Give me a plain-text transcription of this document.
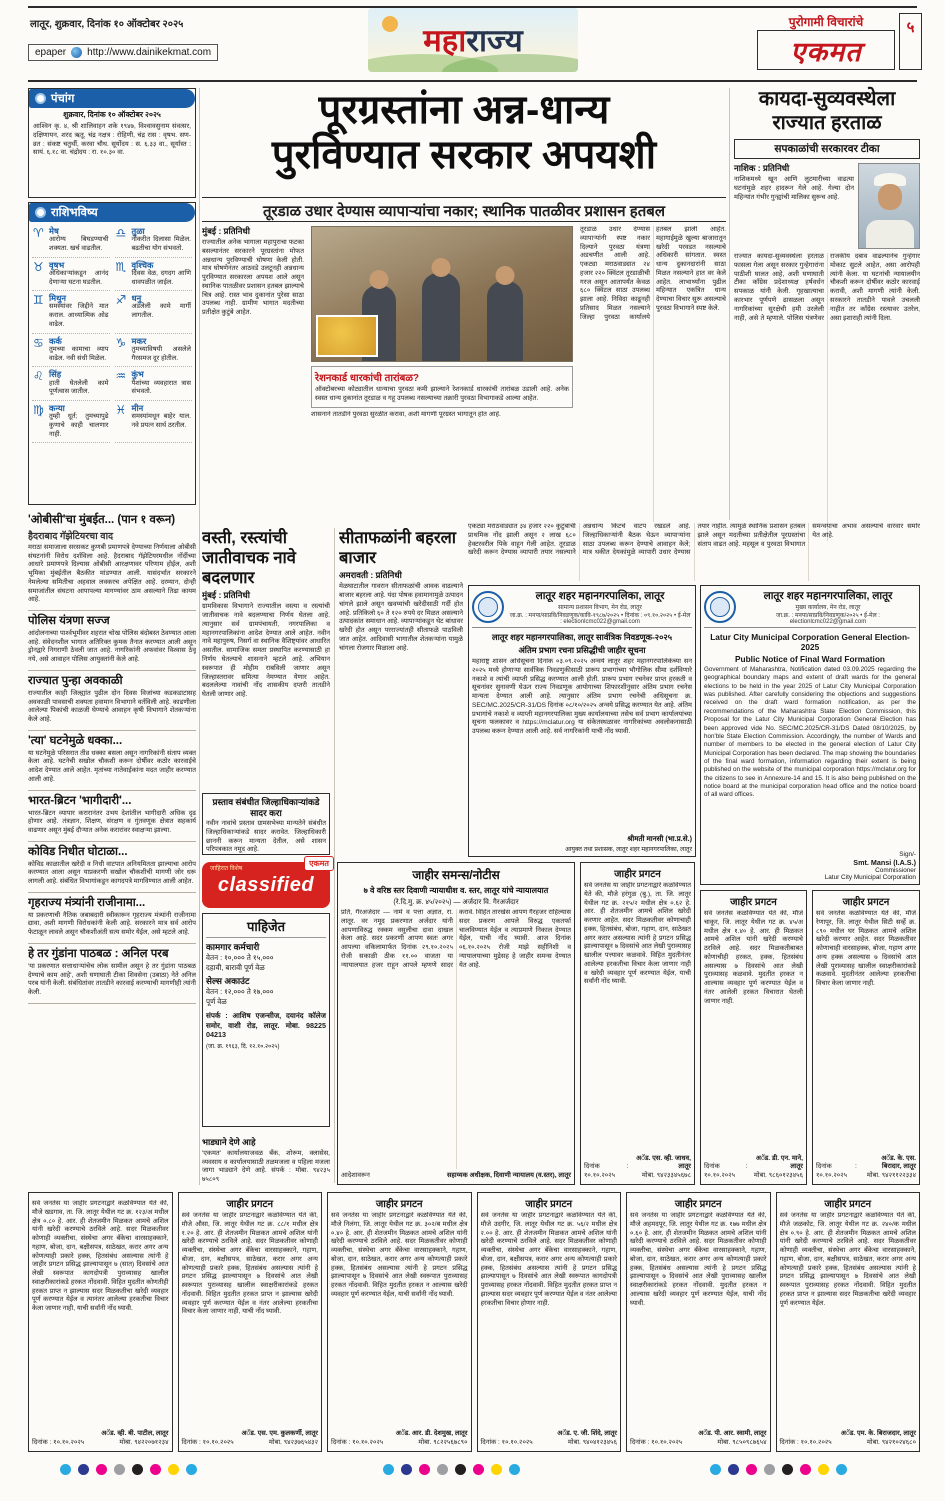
लातूर, शुक्रवार, दिनांक १० ऑक्टोबर २०२५
epaper http://www.dainikekmat.com	महा राज्य
पुरोगामी विचारांचे
एकमत
५
पंचांग
शुक्रवार, दिनांक १० ऑक्टोबर २०२५

आश्विन कृ. ४, श्री शालिवाहन शके १९४७, विश्वावसुनाम संवत्सर, दक्षिणायन, शरद ऋतू. चंद्र नक्षत्र : रोहिणी, चंद्र रास : वृषभ. सण-व्रत : संकष्ट चतुर्थी, करवा चौथ. सूर्योदय : स. ६.३३ वा., सूर्यास्त : सायं. ६.१८ वा. चंद्रोदय : रा. १०.३० वा.

राशिभविष्य
♈ मेष
आरोग्य बिघडण्याची शक्यता. खर्च वाढतील.
♎ तुळा
नोकरीत दिलासा मिळेल. बढतीचा योग संभवतो.
♉ वृषभ
अधिकाऱ्यांकडून आनंद देणाऱ्या घटना घडतील.
♏ वृश्चिक
दिवस वेळ, दगदग आणि धावपळीत जाईल.
♊ मिथुन
समस्यांवर जिद्दीने मात कराल. आध्यात्मिक ओढ वाढेल.
♐ धनु
अडलेली कामे मार्गी लागतील.
♋ कर्क
तुमच्या कामाचा व्याप वाढेल. नवी संधी मिळेल.
♑ मकर
तुमच्याविषयी असलेले गैरसमज दूर होतील.
♌ सिंह
हाती घेतलेली कामे पूर्णत्वास जातील.
♒ कुंभ
पैशांच्या व्यवहारात त्रास संभवतो.
♍ कन्या
तुम्ही धूर्त; तुमच्यापुढे कुणाचे काही चालणार नाही.
♓ मीन
समस्यांमधून बाहेर याल. नवे प्रयत्न सार्थ ठरतील.
'ओबीसी'चा मुंबईत... (पान १ वरून)
हैदराबाद गॅझेटियरचा वाद

मराठा समाजाला सरसकट कुणबी प्रमाणपत्रे देण्याच्या निर्णयाला ओबीसी संघटनांनी विरोध दर्शविला आहे. हैदराबाद गॅझेटियरमधील नोंदींच्या आधारे प्रमाणपत्रे दिल्यास ओबीसी आरक्षणावर परिणाम होईल, अशी भूमिका मुंबईतील बैठकीत मांडण्यात आली. यासंदर्भात सरकारने नेमलेल्या समितीचा अहवाल लवकरच अपेक्षित आहे. दरम्यान, दोन्ही समाजांतील संघटना आपापल्या मागण्यांवर ठाम असल्याने तिढा कायम आहे.

पोलिस यंत्रणा सज्ज

आंदोलनाच्या पार्श्वभूमीवर शहरात चोख पोलिस बंदोबस्त ठेवण्यात आला आहे. संवेदनशील भागात अतिरिक्त कुमक तैनात करण्यात आली असून ड्रोनद्वारे निगराणी ठेवली जात आहे. नागरिकांनी अफवांवर विश्वास ठेवू नये, असे आवाहन पोलिस आयुक्तांनी केले आहे.

राज्यात पुन्हा अवकाळी

राज्यातील काही जिल्ह्यांत पुढील दोन दिवस विजांच्या कडकडाटासह अवकाळी पावसाची शक्यता हवामान विभागाने वर्तविली आहे. काढणीला आलेल्या पिकांची काळजी घेण्याचे आवाहन कृषी विभागाने शेतकऱ्यांना केले आहे.

'त्या' घटनेमुळे धक्का...

या घटनेमुळे परिसरात तीव्र धक्का बसला असून नागरिकांनी संताप व्यक्त केला आहे. घटनेची सखोल चौकशी करून दोषींवर कठोर कारवाईचे आदेश देण्यात आले आहेत. मृतांच्या नातेवाईकांना मदत जाहीर करण्यात आली आहे.

भारत-ब्रिटन 'भागीदारी'...

भारत-ब्रिटन व्यापार करारानंतर उभय देशांतील भागीदारी अधिक दृढ होणार आहे. तंत्रज्ञान, शिक्षण, संरक्षण व गुंतवणूक क्षेत्रात सहकार्य वाढणार असून मुंबई दौऱ्यात अनेक करारांवर स्वाक्षऱ्या झाल्या.

कोविड निधीत घोटाळा...

कोविड काळातील खरेदी व निधी वाटपात अनियमितता झाल्याचा आरोप करण्यात आला असून याप्रकरणी सखोल चौकशीची मागणी जोर धरू लागली आहे. संबंधित विभागांकडून कागदपत्रे मागविण्यात आली आहेत.

गृहराज्य मंत्र्यांनी राजीनामा...

या प्रकरणाची नैतिक जबाबदारी स्वीकारून गृहराज्य मंत्र्यांनी राजीनामा द्यावा, अशी मागणी विरोधकांनी केली आहे. सरकारने मात्र सर्व आरोप फेटाळून लावले असून चौकशीअंती सत्य समोर येईल, असे म्हटले आहे.

हे तर गुंडांना पाठबळ : अनिल परब

'या प्रकरणात सत्ताधाऱ्यांचेच लोक सामील असून हे तर गुंडांना पाठबळ देण्याचे काम आहे', अशी घणाघाती टीका शिवसेना (उबाठा) नेते अनिल परब यांनी केली. संबंधितांवर तातडीने कारवाई करण्याची मागणीही त्यांनी केली.

पूरग्रस्तांना अन्न-धान्य
पुरविण्यात सरकार अपयशी
तूरडाळ उधार देण्यास व्यापाऱ्यांचा नकार; स्थानिक पातळीवर प्रशासन हतबल
मुंबई : प्रतिनिधी

राज्यातील अनेक भागाला महापुराचा फटका बसल्यानंतर सरकारने पूरग्रस्तांना मोफत अन्नधान्य पुरविण्याची घोषणा केली होती. मात्र घोषणेनंतर आठवडे उलटूनही अन्नधान्य पुरविण्यात सरकारला अपयश आले असून स्थानिक पातळीवर प्रशासन हतबल झाल्याचे चित्र आहे. रास्त भाव दुकानांत पुरेसा साठा उपलब्ध नाही. ग्रामीण भागात मदतीच्या प्रतीक्षेत कुटुंबे आहेत.

रेशनकार्ड धारकांची तारांबळ?

ऑक्टोबरच्या कोट्यातील धान्याचा पुरवठा कमी झाल्याने रेशनकार्ड धारकांची तारांबळ उडाली आहे. अनेक स्वस्त धान्य दुकानांत तूरडाळ व गहू उपलब्ध नसल्याच्या तक्रारी पुरवठा विभागाकडे आल्या आहेत.

शासनाने तातडीने पुरवठा सुरळीत करावा, अशी मागणी पूरग्रस्त भागातून होत आहे.

तूरडाळ उधार देण्यास व्यापाऱ्यांनी स्पष्ट नकार दिल्याने पुरवठा यंत्रणा अडचणीत आली आहे. एकट्या मराठवाड्यात २४ हजार २२० क्विंटल तूरडाळीची गरज असून आतापर्यंत केवळ ६८० क्विंटल साठा उपलब्ध झाला आहे. निविदा काढूनही प्रतिसाद मिळत नसल्याने जिल्हा पुरवठा कार्यालये हतबल झाली आहेत. महागाईमुळे खुल्या बाजारातून खरेदी परवडत नसल्याचे अधिकारी सांगतात. स्वस्त धान्य दुकानदारांनी साठा मिळत नसल्याने हात वर केले आहेत. लाभार्थ्यांना पुढील महिन्यात एकत्रित धान्य देण्याचा विचार सुरू असल्याचे पुरवठा विभागाने स्पष्ट केले.

कायदा-सुव्यवस्थेला
राज्यात हरताळ
सपकाळांची सरकारवर टीका
नाशिक : प्रतिनिधी

नाशिकमध्ये खून आणि लुटमारीच्या वाढत्या घटनांमुळे शहर हादरून गेले आहे. गेल्या दोन महिन्यांत गंभीर गुन्ह्यांची मालिका सुरूच आहे.

राज्यात कायदा-सुव्यवस्थेला हरताळ फासला गेला असून सरकार गुन्हेगारांना पाठीशी घालत आहे, अशी घणाघाती टीका काँग्रेस प्रदेशाध्यक्ष हर्षवर्धन सपकाळ यांनी केली. गृहखात्याचा कारभार पूर्णपणे ढासळला असून नागरिकांच्या सुरक्षेची हमी उरलेली नाही, असे ते म्हणाले. पोलिस यंत्रणेवर राजकीय दबाव वाढल्यानेच गुन्हेगार मोकाट सुटले आहेत, असा आरोपही त्यांनी केला. या घटनांची न्यायालयीन चौकशी करून दोषींवर कठोर कारवाई करावी, अशी मागणी त्यांनी केली. सरकारने तातडीने पावले उचलली नाहीत तर काँग्रेस रस्त्यावर उतरेल, असा इशाराही त्यांनी दिला.

वस्ती, रस्त्यांची जातीवाचक नावे बदलणार
मुंबई : प्रतिनिधी

ग्रामविकास विभागाने राज्यातील वस्त्या व रस्त्यांची जातीवाचक नावे बदलण्याचा निर्णय घेतला आहे. त्यानुसार सर्व ग्रामपंचायती, नगरपालिका व महानगरपालिकांना आदेश देण्यात आले आहेत. नवीन नावे महापुरुष, निसर्ग वा स्थानिक वैशिष्ट्यांवर आधारित असतील. सामाजिक समता प्रस्थापित करण्यासाठी हा निर्णय घेतल्याचे शासनाने म्हटले आहे. अभियान स्वरूपात ही मोहीम राबविली जाणार असून जिल्हास्तरावर समित्या नेमण्यात येणार आहेत. बदललेल्या नावांची नोंद शासकीय दप्तरी तातडीने घेतली जाणार आहे.

प्रस्ताव संबंधीत जिल्हाधिकाऱ्यांकडे सादर करा

नवीन नावांचे प्रस्ताव ग्रामसभेच्या मान्यतेने संबंधीत जिल्हाधिकाऱ्यांकडे सादर करावेत. जिल्हाधिकारी छाननी करून मान्यता देतील, असे शासन परिपत्रकात नमूद आहे.

सीताफळांनी बहरला बाजार
अमरावती : प्रतिनिधी

मेळघाटातील गावरान सीताफळांची आवक वाढल्याने बाजार बहरला आहे. यंदा पोषक हवामानामुळे उत्पादन चांगले झाले असून खवय्यांची खरेदीसाठी गर्दी होत आहे. प्रतिकिलो ६० ते १२० रुपये दर मिळत असल्याने उत्पादकांत समाधान आहे. व्यापाऱ्यांकडून थेट बांधावर खरेदी होत असून परराज्यांतही सीताफळे पाठविली जात आहेत. आदिवासी भागातील शेतकऱ्यांना यामुळे चांगला रोजगार मिळाला आहे.

एकट्या मराठवाड्यात ३४ हजार २२० कुटुंबांची प्राथमिक नोंद झाली असून २ लाख ६८० हेक्टरवरील पिके वाहून गेली आहेत. तूरडाळ खरेदी करून देण्यास व्यापारी तयार नसल्याने अन्नधान्य किटचे वाटप रखडले आहे. जिल्हाधिकाऱ्यांनी बैठक घेऊन व्यापाऱ्यांना साठा उपलब्ध करून देण्याचे आवाहन केले; मात्र थकीत देयकांमुळे व्यापारी उधार देण्यास तयार नाहीत. त्यामुळे स्थानिक प्रशासन हतबल झाले असून मदतीच्या प्रतीक्षेतील पूरग्रस्तांचा संताप वाढत आहे. महसूल व पुरवठा विभागात समन्वयाचा अभाव असल्याचे वारंवार समोर येत आहे.

लातूर शहर महानगरपालिका, लातूर
सामान्य प्रशासन विभाग, मेन रोड, लातूर
जा.क्र. : मनपा/साप्रवि/निवडणूक/कावि-१९८७/२०२५ • दिनांक : ०९.१०.२०२५ • ई-मेल : electionlcmc022@gmail.com
लातूर शहर महानगरपालिका, लातूर सार्वत्रिक निवडणूक-२०२५
अंतिम प्रभाग रचना प्रसिद्धीची जाहीर सूचना

महाराष्ट्र शासन अधिसूचना दिनांक ०३.०९.२०२५ अन्वये लातूर शहर महानगरपालिकेच्या सन २०२५ मध्ये होणाऱ्या सार्वत्रिक निवडणुकीसाठी प्रारूप प्रभागांच्या भौगोलिक सीमा दर्शविणारे नकाशे व त्यांची व्याप्ती प्रसिद्ध करण्यात आली होती. प्रारूप प्रभाग रचनेवर प्राप्त हरकती व सूचनांवर सुनावणी घेऊन राज्य निवडणूक आयोगाच्या शिफारशीनुसार अंतिम प्रभाग रचनेस मान्यता देण्यात आली आहे. त्यानुसार अंतिम प्रभाग रचनेची अधिसूचना क्र. SEC/MC.2025/CR-31/DS दिनांक ०८/१०/२०२५ अन्वये प्रसिद्ध करण्यात येत आहे. अंतिम प्रभागांचे नकाशे व व्याप्ती महानगरपालिका मुख्य कार्यालयाच्या तसेच सर्व प्रभाग कार्यालयांच्या सूचना फलकावर व https://mclatur.org या संकेतस्थळावर नागरिकांच्या अवलोकनासाठी उपलब्ध करून देण्यात आली आहे. सर्व नागरिकांनी याची नोंद घ्यावी.

श्रीमती मानसी (भा.प्र.से.)
आयुक्त तथा प्रशासक, लातूर शहर महानगरपालिका, लातूर
लातूर शहर महानगरपालिका, लातूर
मुख्य कार्यालय, मेन रोड, लातूर
जा.क्र. : मनपा/साप्रवि/निवडणूक/२०२५ • ई-मेल : electionlcmc022@gmail.com
Latur City Municipal Corporation General Election-2025
Public Notice of Final Ward Formation

Government of Maharashtra, Notification dated 03.09.2025 regarding the geographical boundary maps and extent of draft wards for the general elections to be held in the year 2025 of Latur City Municipal Corporation was published. After carefully considering the objections and suggestions received on the draft ward formation notification, as per the recommendations of the Maharashtra State Election Commission, this Proposal for the Latur City Municipal Corporation General Election has been approved vide No. SEC/MC.2025/CR-31/DS Dated 08/10/2025, by hon'ble State Election Commission. Accordingly, the number of Wards and number of members to be elected in the general election of Latur City Municipal Corporation has been declared. The map showing the boundaries of the final ward formation, information regarding their extent is being published on the website of the municipal corporation https://mclatur.org for the citizens to see in Annexure-14 and 15. It is also being published on the notice board at the municipal corporation head office and the notice board of all ward offices.

Sign/-
Smt. Mansi (I.A.S.)
Commissioner
Latur City Municipal Corporation
जाहिरात विशेष
classified
एकमत
पाहिजेत
कामगार कर्मचारी
वेतन : १०,००० ते १५,०००
दहावी, बारावी पूर्ण वेळ
सेल्स अकाउंट
वेतन : १२,००० ते १७,०००
पूर्ण वेळ

संपर्क : आशिष एजन्सीज, दयानंद कॉलेज समोर, वाशी रोड, लातूर. मोबा. 98225 04213

(जा. क्र. १९६३, दि. १२.१०.२०२५)
भाड्याने देणे आहे

'एकमत' कार्यालयाजवळ बँक, शोरूम, क्लासेस, व्यवसाय व कार्यालयासाठी तळमजला व पहिला मजला जागा भाड्याने देणे आहे. संपर्क : मोबा. ९४२३५ ७५८०९

जाहीर समन्स/नोटीस
७ वे वरिष्ठ स्तर दिवाणी न्यायाधीश व. स्तर, लातूर यांचे न्यायालयात
(रे.दि.मु. क्र. ४५/२०२५) — अर्जदार वि. गैरअर्जदार

प्रति, गैरअर्जदार — नामे व पत्ता अज्ञात, रा. लातूर. वर नमूद प्रकरणात अर्जदार यांनी आपणाविरुद्ध रक्कम वसुलीचा दावा दाखल केला आहे. सदर प्रकरणी आपण स्वतः अगर आपल्या वकिलामार्फत दिनांक २९.१०.२०२५ रोजी सकाळी ठीक ११.०० वाजता या न्यायालयात हजर राहून आपले म्हणणे सादर करावे. विहित तारखेस आपण गैरहजर राहिल्यास सदर प्रकरण आपले विरुद्ध एकतर्फा चालविण्यात येईल व त्याप्रमाणे निकाल देण्यात येईल, याची नोंद घ्यावी. आज दिनांक ०६.१०.२०२५ रोजी माझे सहीनिशी व न्यायालयाच्या मुद्रेसह हे जाहीर समन्स देण्यात येत आहे.

आदेशावरून	सहाय्यक अधीक्षक, दिवाणी न्यायालय (व.स्तर), लातूर
जाहीर प्रगटन

सर्व जनतेस या जाहीर प्रगटनाद्वारे कळविण्यात येते की, मौजे हरंगुळ (बु.), ता. जि. लातूर येथील गट क्र. २१५/२ मधील क्षेत्र ०.६२ हे. आर. ही शेतजमीन आमचे अशिल खरेदी करणार आहेत. सदर मिळकतीवर कोणाचाही हक्क, हितसंबंध, बोजा, गहाण, दान, साठेखत अगर करार असल्यास त्यांनी हे प्रगटन प्रसिद्ध झाल्यापासून ७ दिवसांचे आत लेखी पुराव्यासह खालील पत्त्यावर कळवावे. विहित मुदतीनंतर आलेल्या हरकतीचा विचार केला जाणार नाही व खरेदी व्यवहार पूर्ण करण्यात येईल, याची सर्वांनी नोंद घ्यावी.

दिनांक : १०.१०.२०२५
अॅड. एस. व्ही. जाधव, लातूर
मोबा. ९४२३३४५६७८
जाहीर प्रगटन

सर्व जनतेस कळविण्यात येते की, मौजे चाकूर, जि. लातूर येथील गट क्र. ४५/अ मधील क्षेत्र १.४० हे. आर. ही मिळकत आमचे अशिल यांनी खरेदी करण्याचे ठरविले आहे. सदर मिळकतीबाबत कोणाचीही हरकत, हक्क, हितसंबंध असल्यास ७ दिवसांचे आत लेखी पुराव्यासह कळवावे. मुदतीत हरकत न आल्यास व्यवहार पूर्ण करण्यात येईल व नंतर आलेली हरकत विचारात घेतली जाणार नाही.

दिनांक : १०.१०.२०२५
अॅड. डी. एन. माने, लातूर
मोबा. ९८६०१२३४५६
जाहीर प्रगटन

सर्व जनतेस कळविण्यात येते की, मौजे रेणापूर, जि. लातूर येथील सिटी सर्व्हे क्र. ८९० मधील घर मिळकत आमचे अशिल खरेदी करणार आहेत. सदर मिळकतीवर कोणाचाही वारसाहक्क, बोजा, गहाण अगर अन्य हक्क असल्यास ७ दिवसांचे आत लेखी पुराव्यासह खालील स्वाक्षरीकारांकडे कळवावे. मुदतीनंतर आलेल्या हरकतीचा विचार केला जाणार नाही.

दिनांक : १०.१०.२०२५
अॅड. के. एस. बिरादार, लातूर
मोबा. ९४२११२२३३४

सर्व जनतेस या जाहीर प्रगटनाद्वारे कळविण्यात येते की, मौजे खडगाव, ता. जि. लातूर येथील गट क्र. १२३/अ मधील क्षेत्र ०.८० हे. आर. ही शेतजमीन मिळकत आमचे अशिल यांनी खरेदी करण्याचे ठरविले आहे. सदर मिळकतीवर कोणाही व्यक्तीचा, संस्थेचा अगर बँकेचा वारसाहक्काने, गहाण, बोजा, दान, बक्षीसपत्र, साठेखत, करार अगर अन्य कोणत्याही प्रकारे हक्क, हितसंबंध असल्यास त्यांनी हे जाहीर प्रगटन प्रसिद्ध झाल्यापासून ७ (सात) दिवसांचे आत लेखी स्वरूपात कागदोपत्री पुराव्यासह खालील स्वाक्षरीकारांकडे हरकत नोंदवावी. विहित मुदतीत कोणतीही हरकत प्राप्त न झाल्यास सदर मिळकतीचा खरेदी व्यवहार पूर्ण करण्यात येईल व त्यानंतर आलेल्या हरकतीचा विचार केला जाणार नाही, याची सर्वांनी नोंद घ्यावी.

दिनांक : १०.१०.२०२५
अॅड. व्ही. बी. पाटील, लातूर
मोबा. ९४२२०७१२३४
जाहीर प्रगटन

सर्व जनतेस या जाहीर प्रगटनाद्वारे कळविण्यात येते की, मौजे औसा, जि. लातूर येथील गट क्र. ८८/१ मधील क्षेत्र १.२० हे. आर. ही शेतजमीन मिळकत आमचे अशिल यांनी खरेदी करण्याचे ठरविले आहे. सदर मिळकतीवर कोणाही व्यक्तीचा, संस्थेचा अगर बँकेचा वारसाहक्काने, गहाण, बोजा, दान, बक्षीसपत्र, साठेखत, करार अगर अन्य कोणत्याही प्रकारे हक्क, हितसंबंध असल्यास त्यांनी हे प्रगटन प्रसिद्ध झाल्यापासून ७ दिवसांचे आत लेखी स्वरूपात पुराव्यासह खालील स्वाक्षरीकारांकडे हरकत नोंदवावी. विहित मुदतीत हरकत प्राप्त न झाल्यास खरेदी व्यवहार पूर्ण करण्यात येईल व नंतर आलेल्या हरकतीचा विचार केला जाणार नाही, याची नोंद घ्यावी.

दिनांक : १०.१०.२०२५
अॅड. एस. एम. कुलकर्णी, लातूर
मोबा. ९४२३७६५४३२
जाहीर प्रगटन

सर्व जनतेस या जाहीर प्रगटनाद्वारे कळविण्यात येते की, मौजे निलंगा, जि. लातूर येथील गट क्र. ३०२/ब मधील क्षेत्र ०.४० हे. आर. ही शेतजमीन मिळकत आमचे अशिल यांनी खरेदी करण्याचे ठरविले आहे. सदर मिळकतीवर कोणाही व्यक्तीचा, संस्थेचा अगर बँकेचा वारसाहक्काने, गहाण, बोजा, दान, साठेखत, करार अगर अन्य कोणत्याही प्रकारे हक्क, हितसंबंध असल्यास त्यांनी हे प्रगटन प्रसिद्ध झाल्यापासून ७ दिवसांचे आत लेखी स्वरूपात पुराव्यासह हरकत नोंदवावी. विहित मुदतीत हरकत न आल्यास खरेदी व्यवहार पूर्ण करण्यात येईल, याची सर्वांनी नोंद घ्यावी.

दिनांक : १०.१०.२०२५
अॅड. आर. डी. देशमुख, लातूर
मोबा. ९८२२५६७८९०
जाहीर प्रगटन

सर्व जनतेस या जाहीर प्रगटनाद्वारे कळविण्यात येते की, मौजे उदगीर, जि. लातूर येथील गट क्र. ५६/२ मधील क्षेत्र २.०० हे. आर. ही शेतजमीन मिळकत आमचे अशिल यांनी खरेदी करण्याचे ठरविले आहे. सदर मिळकतीवर कोणाही व्यक्तीचा, संस्थेचा अगर बँकेचा वारसाहक्काने, गहाण, बोजा, दान, बक्षीसपत्र, करार अगर अन्य कोणत्याही प्रकारे हक्क, हितसंबंध असल्यास त्यांनी हे प्रगटन प्रसिद्ध झाल्यापासून ७ दिवसांचे आत लेखी स्वरूपात कागदोपत्री पुराव्यासह हरकत नोंदवावी. विहित मुदतीत हरकत प्राप्त न झाल्यास सदर व्यवहार पूर्ण करण्यात येईल व नंतर आलेल्या हरकतीचा विचार होणार नाही.

दिनांक : १०.१०.२०२५
अॅड. ए. जी. शिंदे, लातूर
मोबा. ९४०४१२३४५६
जाहीर प्रगटन

सर्व जनतेस या जाहीर प्रगटनाद्वारे कळविण्यात येते की, मौजे अहमदपूर, जि. लातूर येथील गट क्र. १७७ मधील क्षेत्र ०.६० हे. आर. ही शेतजमीन मिळकत आमचे अशिल यांनी खरेदी करण्याचे ठरविले आहे. सदर मिळकतीवर कोणाही व्यक्तीचा, संस्थेचा अगर बँकेचा वारसाहक्काने, गहाण, बोजा, दान, साठेखत, करार अगर अन्य कोणत्याही प्रकारे हक्क, हितसंबंध असल्यास त्यांनी हे प्रगटन प्रसिद्ध झाल्यापासून ७ दिवसांचे आत लेखी पुराव्यासह खालील स्वाक्षरीकारांकडे हरकत नोंदवावी. मुदतीत हरकत न आल्यास खरेदी व्यवहार पूर्ण करण्यात येईल, याची नोंद घ्यावी.

दिनांक : १०.१०.२०२५
अॅड. पी. आर. स्वामी, लातूर
मोबा. ९८५०९८७६५४
जाहीर प्रगटन

सर्व जनतेस या जाहीर प्रगटनाद्वारे कळविण्यात येते की, मौजे जळकोट, जि. लातूर येथील गट क्र. २४०/क मधील क्षेत्र ०.९० हे. आर. ही शेतजमीन मिळकत आमचे अशिल यांनी खरेदी करण्याचे ठरविले आहे. सदर मिळकतीवर कोणाही व्यक्तीचा, संस्थेचा अगर बँकेचा वारसाहक्काने, गहाण, बोजा, दान, बक्षीसपत्र, साठेखत, करार अगर अन्य कोणत्याही प्रकारे हक्क, हितसंबंध असल्यास त्यांनी हे प्रगटन प्रसिद्ध झाल्यापासून ७ दिवसांचे आत लेखी स्वरूपात पुराव्यासह हरकत नोंदवावी. विहित मुदतीत हरकत प्राप्त न झाल्यास सदर मिळकतीचा खरेदी व्यवहार पूर्ण करण्यात येईल.

दिनांक : १०.१०.२०२५
अॅड. एम. के. बिराजदार, लातूर
मोबा. ९४२१०२४६८०
